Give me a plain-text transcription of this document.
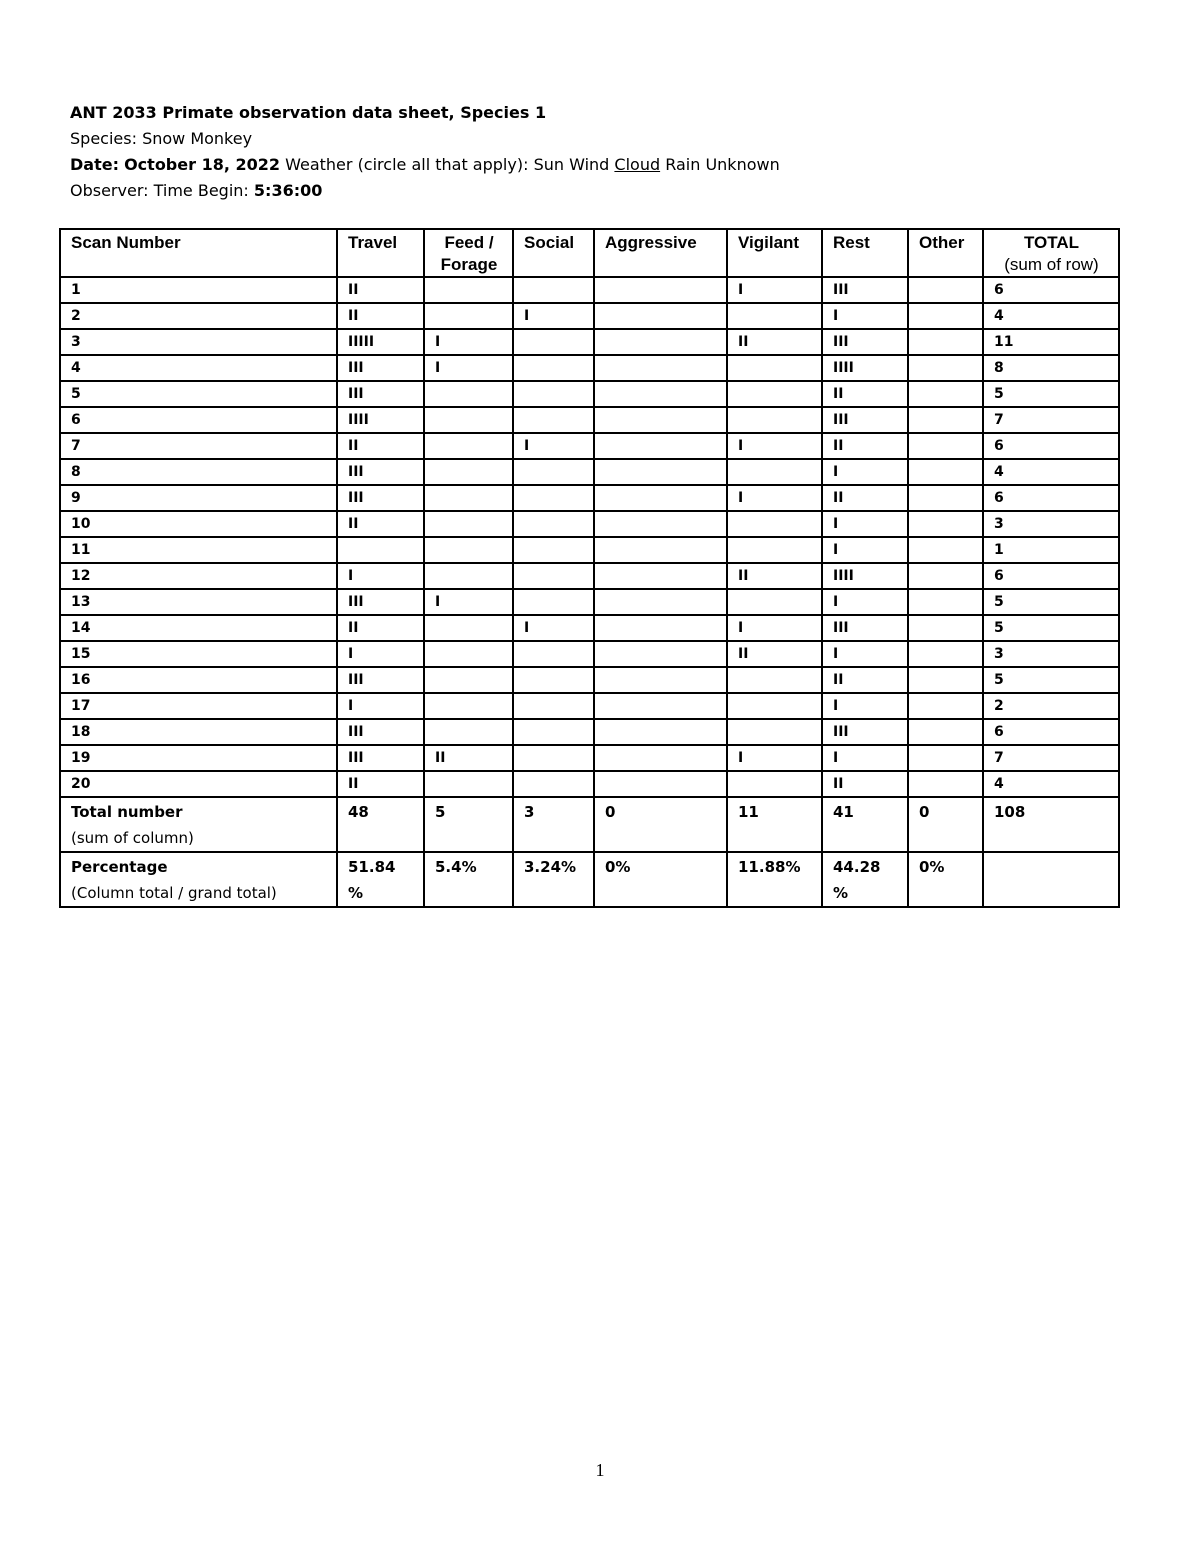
ANT 2033 Primate observation data sheet, Species 1
Species: Snow Monkey
Date: October 18, 2022 Weather (circle all that apply): Sun Wind Cloud Rain Unknown
Observer: Time Begin: 5:36:00
Scan Number	Travel	Feed / Forage	Social	Aggressive	Vigilant	Rest	Other	TOTAL
(sum of row)

1	II				I	III		6
2	II		I			I		4
3	IIIII	I			II	III		11
4	III	I				IIII		8
5	III					II		5
6	IIII					III		7
7	II		I		I	II		6
8	III					I		4
9	III				I	II		6
10	II					I		3
11						I		1
12	I				II	IIII		6
13	III	I				I		5
14	II		I		I	III		5
15	I				II	I		3
16	III					II		5
17	I					I		2
18	III					III		6
19	III	II			I	I		7
20	II					II		4

Total number
(sum of column)	48	5	3	0	11	41	0	108

Percentage
(Column total / grand total)	51.84 %	5.4%	3.24%	0%	11.88%	44.28 %	0%	
1
